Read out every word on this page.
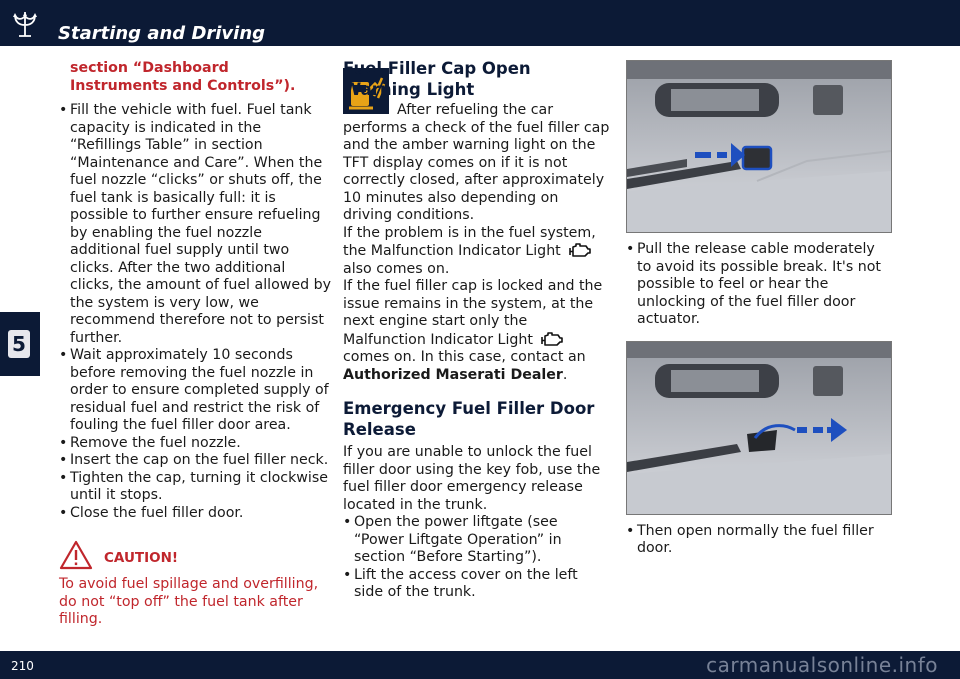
Starting and Driving
5

section “Dashboard Instruments and Controls”).

• Fill the vehicle with fuel. Fuel tank capacity is indicated in the “Refillings Table” in section “Maintenance and Care”. When the fuel nozzle “clicks” or shuts off, the fuel tank is basically full: it is possible to further ensure refueling by enabling the fuel nozzle additional fuel supply until two clicks. After the two additional clicks, the amount of fuel allowed by the system is very low, we recommend therefore not to persist further.
• Wait approximately 10 seconds before removing the fuel nozzle in order to ensure completed supply of residual fuel and restrict the risk of fouling the fuel filler door area.
• Remove the fuel nozzle.
• Insert the cap on the fuel filler neck.
• Tighten the cap, turning it clockwise until it stops.
• Close the fuel filler door.
CAUTION!

To avoid fuel spillage and overfilling, do not “top off” the fuel tank after filling.

Fuel Filler Cap Open Warning Light

After refueling the car performs a check of the fuel filler cap and the amber warning light on the TFT display comes on if it is not correctly closed, after approximately 10 minutes also depending on driving conditions.

If the problem is in the fuel system, the Malfunction Indicator Lightalso comes on.

If the fuel filler cap is locked and the issue remains in the system, at the next engine start only the Malfunction Indicator Lightcomes on. In this case, contact an Authorized Maserati Dealer.

Emergency Fuel Filler Door Release

If you are unable to unlock the fuel filler door using the key fob, use the fuel filler door emergency release located in the trunk.

• Open the power liftgate (see “Power Liftgate Operation” in section “Before Starting”).
• Lift the access cover on the left side of the trunk.
• Pull the release cable moderately to avoid its possible break. It's not possible to feel or hear the unlocking of the fuel filler door actuator.
• Then open normally the fuel filler door.
210	carmanualsonline.info
